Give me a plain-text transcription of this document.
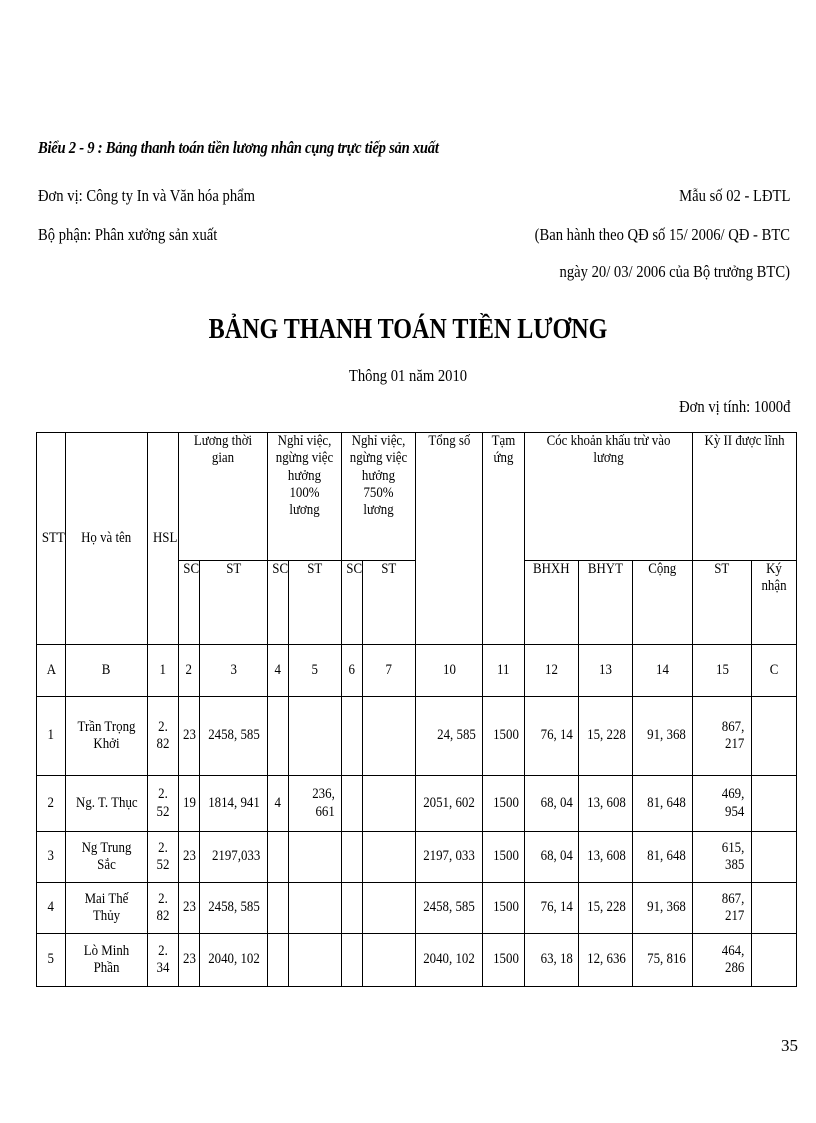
Biểu 2 - 9 : Bảng thanh toán tiền lương nhân cụng trực tiếp sản xuất
Đơn vị: Công ty In và Văn hóa phẩm
Bộ phận: Phân xưởng sản xuất
Mẫu số 02 - LĐTL
(Ban hành theo QĐ số 15/ 2006/ QĐ - BTC
ngày 20/ 03/ 2006 của Bộ trưởng BTC)
BẢNG THANH TOÁN TIỀN LƯƠNG
Thông 01 năm 2010
Đơn vị tính: 1000đ
STT	Họ và tên	HSL	Lương thời gian		Nghỉ việc, ngừng việc hưởng 100% lương		Nghỉ việc, ngừng việc hưởng 750% lương		Tổng số	Tạm ứng	Cóc khoản khấu trừ vào lương			Kỳ II được lĩnh	
			SC	ST	SC	ST	SC	ST			BHXH	BHYT	Cộng	ST	Ký nhận
A	B	1	2	3	4	5	6	7	10	11	12	13	14	15	C
1	Trần Trọng Khởi	2. 82	23	2458, 585					24, 585	1500	76, 14	15, 228	91, 368	867, 217	
2	Ng. T. Thục	2. 52	19	1814, 941	4	236, 661			2051, 602	1500	68, 04	13, 608	81, 648	469, 954	
3	Ng Trung Sắc	2. 52	23	2197,033					2197, 033	1500	68, 04	13, 608	81, 648	615, 385	
4	Mai Thế Thủy	2. 82	23	2458, 585					2458, 585	1500	76, 14	15, 228	91, 368	867, 217	
5	Lò Minh Phần	2. 34	23	2040, 102					2040, 102	1500	63, 18	12, 636	75, 816	464, 286	
35
